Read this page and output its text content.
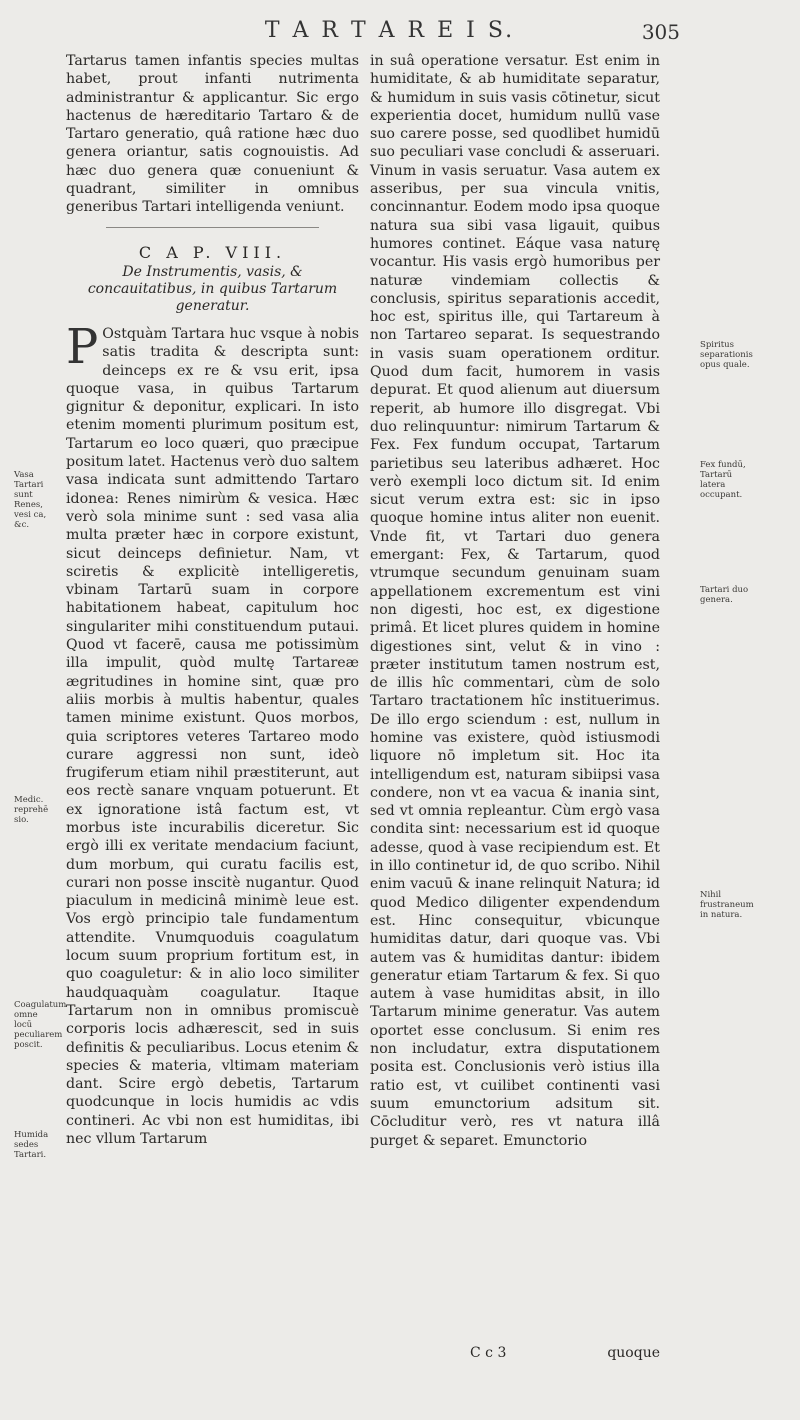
T A R T A R E I S.	305

Tartarus tamen infantis species multas habet, prout infanti nutrimenta administrantur & applicantur. Sic ergo hactenus de hæreditario Tartaro & de Tartaro generatio, quâ ratione hæc duo genera oriantur, satis cognouistis. Ad hæc duo genera quæ conueniunt & quadrant, similiter in omnibus generibus Tartari intelligenda veniunt.

C A P. VIII.
De Instrumentis, vasis, & concauitatibus, in quibus Tartarum generatur.

P Ostquàm Tartara huc vsque à nobis satis tradita & descripta sunt: deinceps ex re & vsu erit, ipsa quoque vasa, in quibus Tartarum gignitur & deponitur, explicari. In isto etenim momenti plurimum positum est, Tartarum eo loco quæri, quo præcipue positum latet. Hactenus verò duo saltem vasa indicata sunt admittendo Tartaro idonea: Renes nimirùm & vesica. Hæc verò sola minime sunt : sed vasa alia multa præter hæc in corpore existunt, sicut deinceps definietur. Nam, vt sciretis & explicitè intelligeretis, vbinam Tartarū suam in corpore habitationem habeat, capitulum hoc singulariter mihi constituendum putaui. Quod vt facerē, causa me potissimùm illa impulit, quòd multę Tartareæ ægritudines in homine sint, quæ pro aliis morbis à multis habentur, quales tamen minime existunt. Quos morbos, quia scriptores veteres Tartareo modo curare aggressi non sunt, ideò frugiferum etiam nihil præstiterunt, aut eos rectè sanare vnquam potuerunt. Et ex ignoratione istâ factum est, vt morbus iste incurabilis diceretur. Sic ergò illi ex veritate mendacium faciunt, dum morbum, qui curatu facilis est, curari non posse inscitè nugantur. Quod piaculum in medicinâ minimè leue est. Vos ergò principio tale fundamentum attendite. Vnumquoduis coagulatum locum suum proprium fortitum est, in quo coaguletur: & in alio loco similiter haudquaquàm coagulatur. Itaque Tartarum non in omnibus promiscuè corporis locis adhærescit, sed in suis definitis & peculiaribus. Locus etenim & species & materia, vltimam materiam dant. Scire ergò debetis, Tartarum quodcunque in locis humidis ac vdis contineri. Ac vbi non est humiditas, ibi nec vllum Tartarum

in suâ operatione versatur. Est enim in humiditate, & ab humiditate separatur, & humidum in suis vasis cōtinetur, sicut experientia docet, humidum nullū vase suo carere posse, sed quodlibet humidū suo peculiari vase concludi & asseruari. Vinum in vasis seruatur. Vasa autem ex asseribus, per sua vincula vnitis, concinnantur. Eodem modo ipsa quoque natura sua sibi vasa ligauit, quibus humores continet. Eáque vasa naturę vocantur. His vasis ergò humoribus per naturæ vindemiam collectis & conclusis, spiritus separationis accedit, hoc est, spiritus ille, qui Tartareum à non Tartareo separat. Is sequestrando in vasis suam operationem orditur. Quod dum facit, humorem in vasis depurat. Et quod alienum aut diuersum reperit, ab humore illo disgregat. Vbi duo relinquuntur: nimirum Tartarum & Fex. Fex fundum occupat, Tartarum parietibus seu lateribus adhæret. Hoc verò exempli loco dictum sit. Id enim sicut verum extra est: sic in ipso quoque homine intus aliter non euenit. Vnde fit, vt Tartari duo genera emergant: Fex, & Tartarum, quod vtrumque secundum genuinam suam appellationem excrementum est vini non digesti, hoc est, ex digestione primâ. Et licet plures quidem in homine digestiones sint, velut & in vino : præter institutum tamen nostrum est, de illis hîc commentari, cùm de solo Tartaro tractationem hîc instituerimus. De illo ergo sciendum : est, nullum in homine vas existere, quòd istiusmodi liquore nō impletum sit. Hoc ita intelligendum est, naturam sibiipsi vasa condere, non vt ea vacua & inania sint, sed vt omnia repleantur. Cùm ergò vasa condita sint: necessarium est id quoque adesse, quod à vase recipiendum est. Et in illo continetur id, de quo scribo. Nihil enim vacuū & inane relinquit Natura; id quod Medico diligenter expendendum est. Hinc consequitur, vbicunque humiditas datur, dari quoque vas. Vbi autem vas & humiditas dantur: ibidem generatur etiam Tartarum & fex. Si quo autem à vase humiditas absit, in illo Tartarum minime generatur. Vas autem oportet esse conclusum. Si enim res non includatur, extra disputationem posita est. Conclusionis verò istius illa ratio est, vt cuilibet continenti vasi suum emunctorium adsitum sit. Cōcluditur verò, res vt natura illâ purget & separet. Emunctorio

Vasa Tartari sunt Renes, vesi ca, &c.
Medic. reprehē sio.
Coagulatum omne locū peculiarem poscit.
Humida sedes Tartari.
Spiritus separationis opus quale.
Fex fundū, Tartarū latera occupant.
Tartari duo genera.
Nihil frustraneum in natura.
C c 3	quoque
